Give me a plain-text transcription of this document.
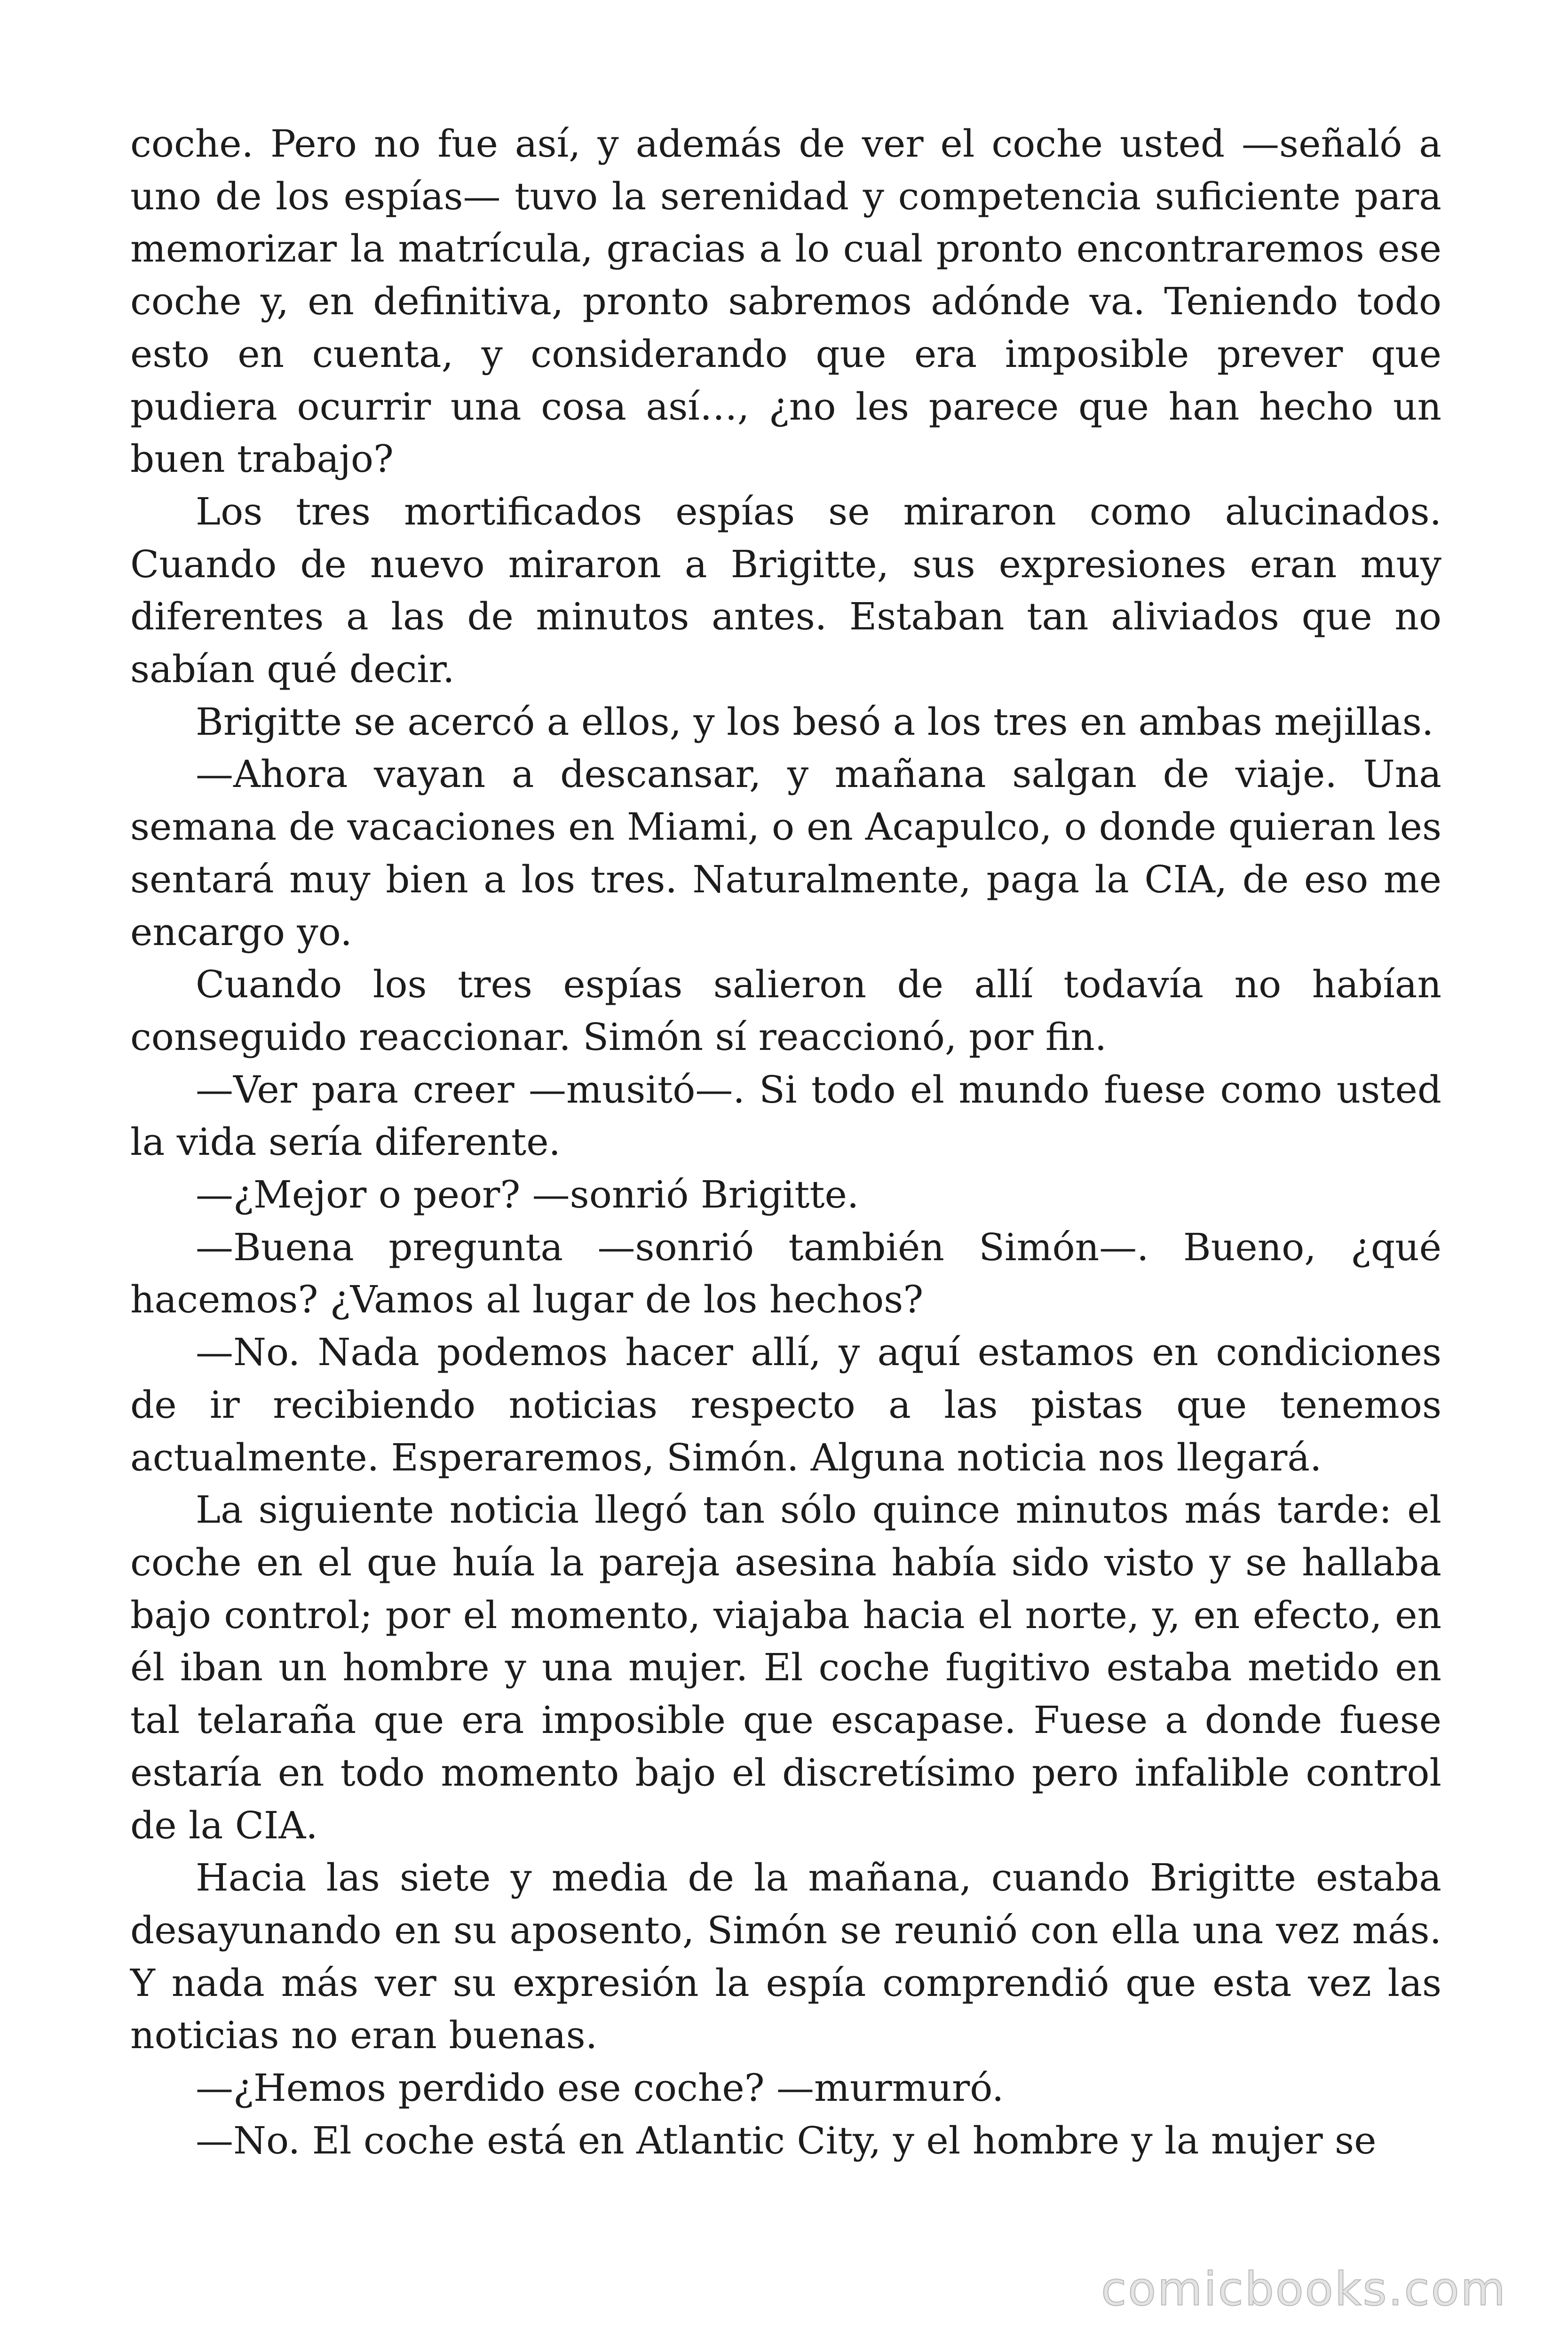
coche. Pero no fue así, y además de ver el coche usted —señaló a uno de los espías— tuvo la serenidad y competencia suficiente para memorizar la matrícula, gracias a lo cual pronto encontraremos ese coche y, en definitiva, pronto sabremos adónde va. Teniendo todo esto en cuenta, y considerando que era imposible prever que pudiera ocurrir una cosa así…, ¿no les parece que han hecho un buen trabajo?

Los tres mortificados espías se miraron como alucinados. Cuando de nuevo miraron a Brigitte, sus expresiones eran muy diferentes a las de minutos antes. Estaban tan aliviados que no sabían qué decir.

Brigitte se acercó a ellos, y los besó a los tres en ambas mejillas.

—Ahora vayan a descansar, y mañana salgan de viaje. Una semana de vacaciones en Miami, o en Acapulco, o donde quieran les sentará muy bien a los tres. Naturalmente, paga la CIA, de eso me encargo yo.

Cuando los tres espías salieron de allí todavía no habían conseguido reaccionar. Simón sí reaccionó, por fin.

—Ver para creer —musitó—. Si todo el mundo fuese como usted la vida sería diferente.

—¿Mejor o peor? —sonrió Brigitte.

—Buena pregunta —sonrió también Simón—. Bueno, ¿qué hacemos? ¿Vamos al lugar de los hechos?

—No. Nada podemos hacer allí, y aquí estamos en condiciones de ir recibiendo noticias respecto a las pistas que tenemos actualmente. Esperaremos, Simón. Alguna noticia nos llegará.

La siguiente noticia llegó tan sólo quince minutos más tarde: el coche en el que huía la pareja asesina había sido visto y se hallaba bajo control; por el momento, viajaba hacia el norte, y, en efecto, en él iban un hombre y una mujer. El coche fugitivo estaba metido en tal telaraña que era imposible que escapase. Fuese a donde fuese estaría en todo momento bajo el discretísimo pero infalible control de la CIA.

Hacia las siete y media de la mañana, cuando Brigitte estaba desayunando en su aposento, Simón se reunió con ella una vez más. Y nada más ver su expresión la espía comprendió que esta vez las noticias no eran buenas.

—¿Hemos perdido ese coche? —murmuró.

—No. El coche está en Atlantic City, y el hombre y la mujer se

comicbooks.com
